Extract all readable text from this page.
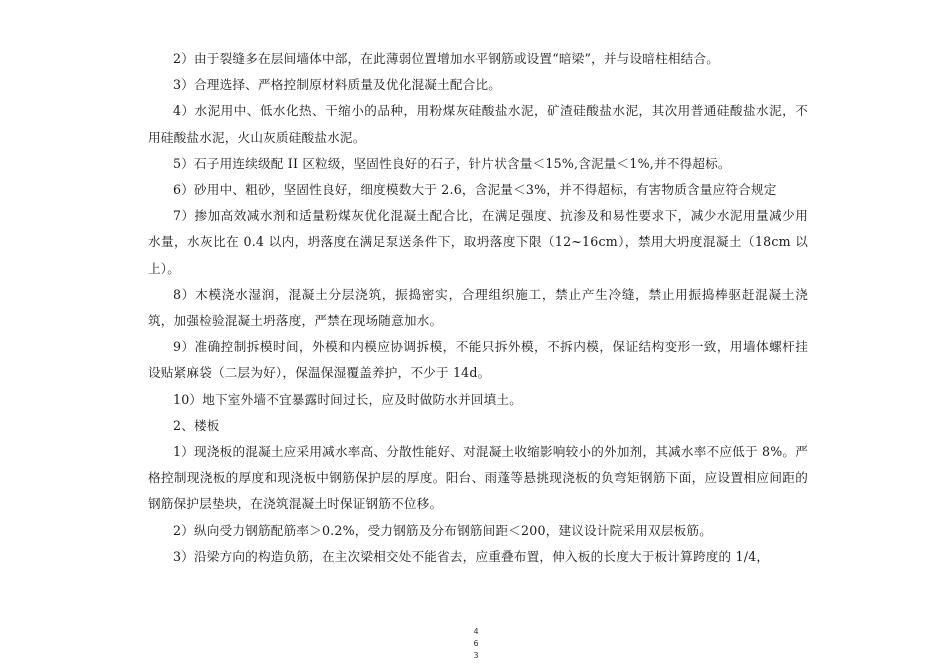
2）由于裂缝多在层间墙体中部，在此薄弱位置增加水平钢筋或设置“暗梁”，并与设暗柱相结合。

3）合理选择、严格控制原材料质量及优化混凝土配合比。

4）水泥用中、低水化热、干缩小的品种，用粉煤灰硅酸盐水泥，矿渣硅酸盐水泥，其次用普通硅酸盐水泥，不用硅酸盐水泥，火山灰质硅酸盐水泥。

5）石子用连续级配 II 区粒级，坚固性良好的石子，针片状含量＜15%,含泥量＜1%,并不得超标。

6）砂用中、粗砂，坚固性良好，细度模数大于 2.6，含泥量＜3%，并不得超标，有害物质含量应符合规定

7）掺加高效减水剂和适量粉煤灰优化混凝土配合比，在满足强度、抗渗及和易性要求下，减少水泥用量减少用水量，水灰比在 0.4 以内，坍落度在满足泵送条件下，取坍落度下限（12~16cm），禁用大坍度混凝土（18cm 以上）。

8）木模浇水湿润，混凝土分层浇筑，振捣密实，合理组织施工，禁止产生冷缝，禁止用振捣棒驱赶混凝土浇筑，加强检验混凝土坍落度，严禁在现场随意加水。

9）准确控制拆模时间，外模和内模应协调拆模，不能只拆外模，不拆内模，保证结构变形一致，用墙体螺杆挂设贴紧麻袋（二层为好），保温保湿覆盖养护，不少于 14d。

10）地下室外墙不宜暴露时间过长，应及时做防水并回填土。

2、楼板

1）现浇板的混凝土应采用减水率高、分散性能好、对混凝土收缩影响较小的外加剂，其减水率不应低于 8%。严格控制现浇板的厚度和现浇板中钢筋保护层的厚度。阳台、雨蓬等悬挑现浇板的负弯矩钢筋下面，应设置相应间距的钢筋保护层垫块，在浇筑混凝土时保证钢筋不位移。

2）纵向受力钢筋配筋率＞0.2%，受力钢筋及分布钢筋间距＜200，建议设计院采用双层板筋。

3）沿梁方向的构造负筋，在主次梁相交处不能省去，应重叠布置，伸入板的长度大于板计算跨度的 1/4，

4
6
3
